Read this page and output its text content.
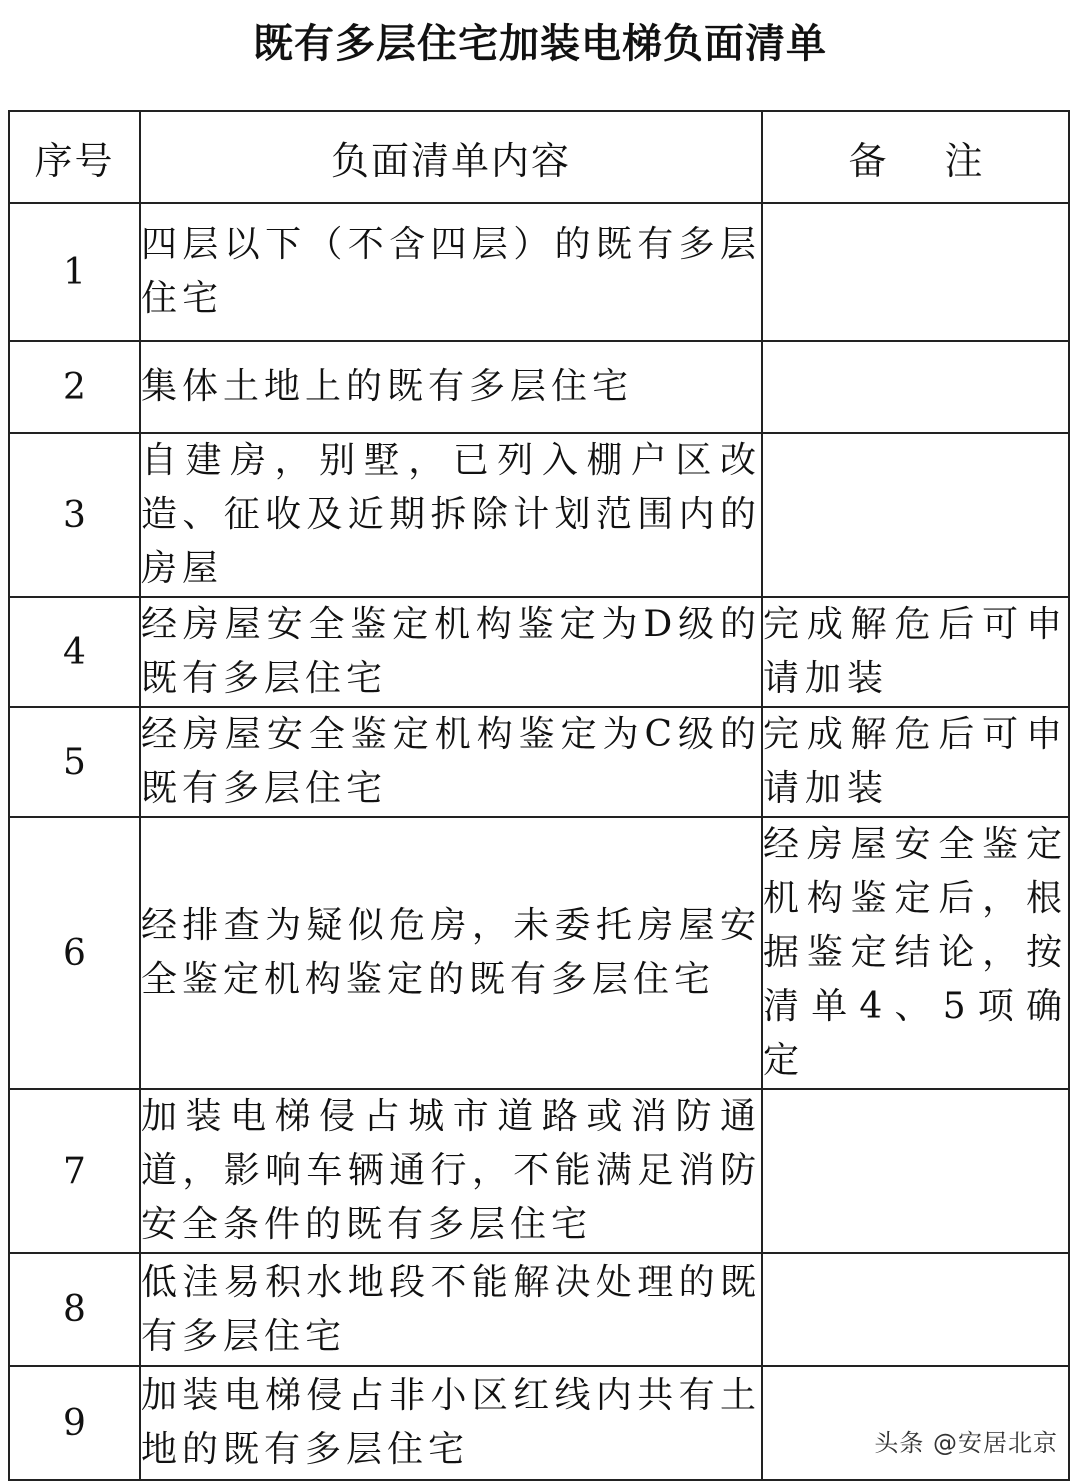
既有多层住宅加装电梯负面清单
序号	负面清单内容	备 注
1	四层以下（不含四层）的既有多层住宅	
2	集体土地上的既有多层住宅	
3	自建房，别墅，已列入棚户区改造、征收及近期拆除计划范围内的房屋	
4	经房屋安全鉴定机构鉴定为D级的既有多层住宅	完成解危后可申请加装
5	经房屋安全鉴定机构鉴定为C级的既有多层住宅	完成解危后可申请加装
6	经排查为疑似危房，未委托房屋安全鉴定机构鉴定的既有多层住宅	经房屋安全鉴定机构鉴定后，根据鉴定结论，按清单4、5项确定
7	加装电梯侵占城市道路或消防通道，影响车辆通行，不能满足消防安全条件的既有多层住宅	
8	低洼易积水地段不能解决处理的既有多层住宅	
9	加装电梯侵占非小区红线内共有土地的既有多层住宅		头条 @安居北京
